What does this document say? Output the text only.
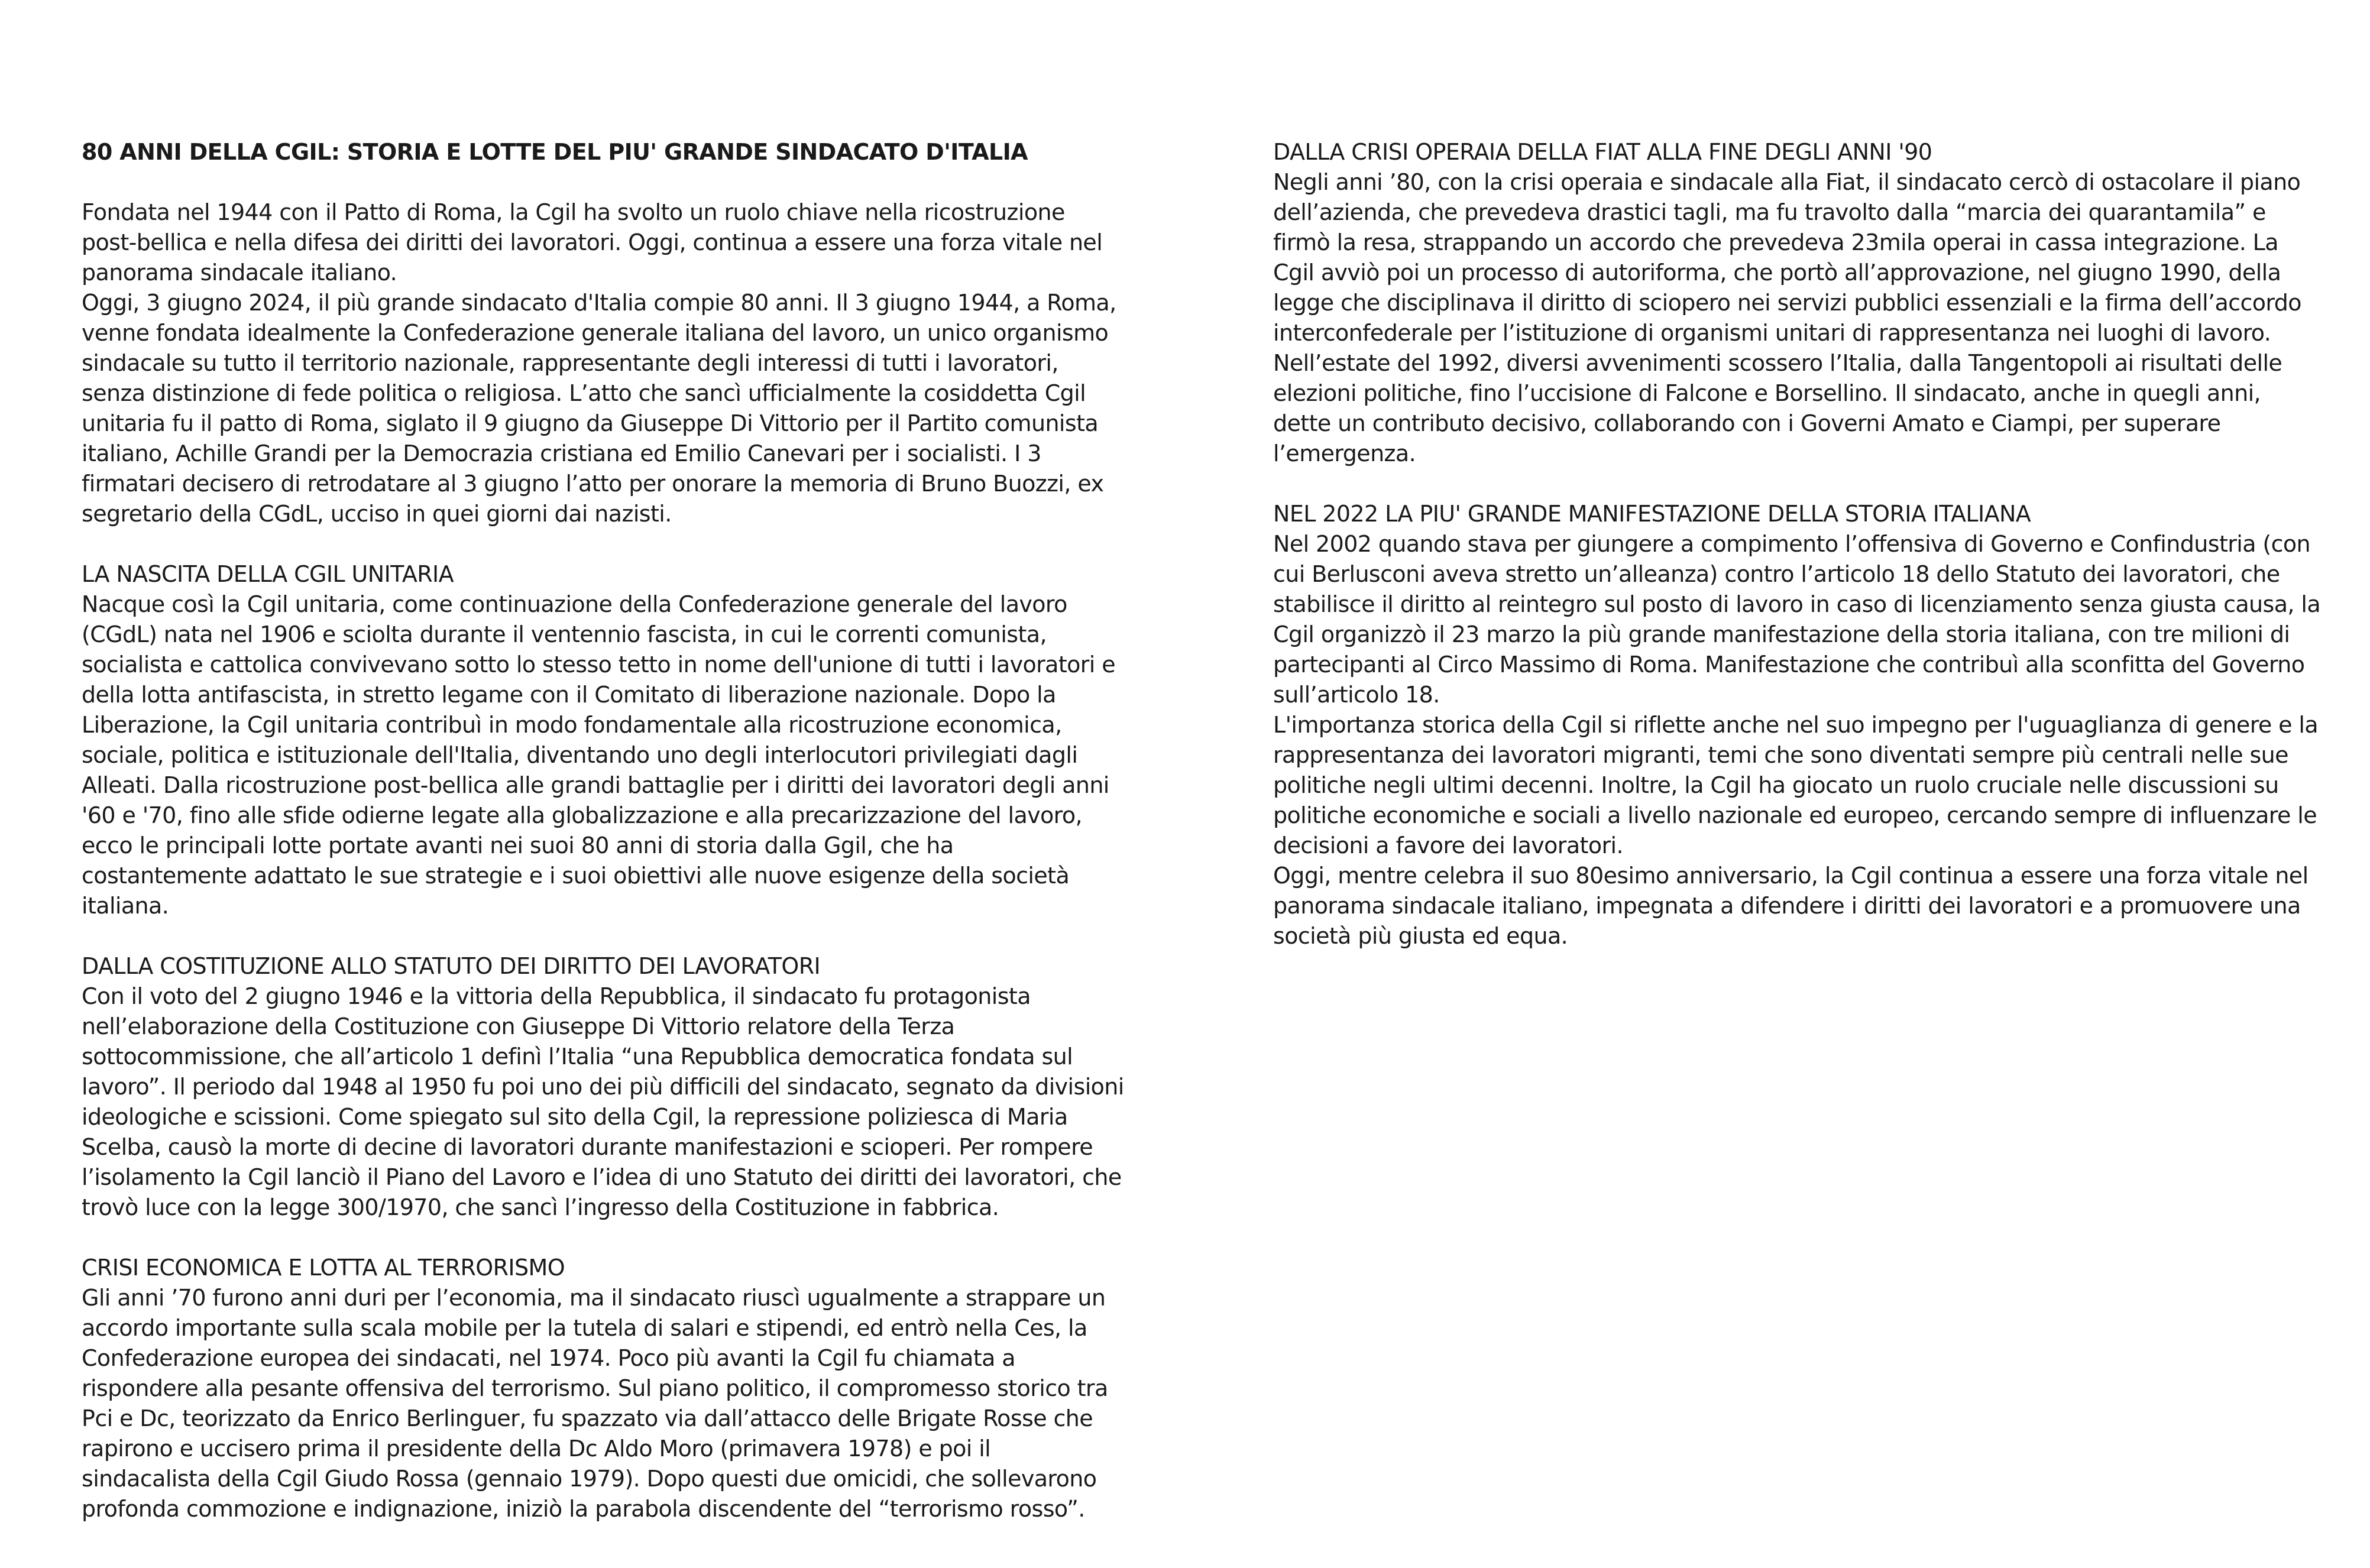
80 ANNI DELLA CGIL: STORIA E LOTTE DEL PIU' GRANDE SINDACATO D'ITALIA

Fondata nel 1944 con il Patto di Roma, la Cgil ha svolto un ruolo chiave nella ricostruzione post-bellica e nella difesa dei diritti dei lavoratori. Oggi, continua a essere una forza vitale nel panorama sindacale italiano.

Oggi, 3 giugno 2024, il più grande sindacato d'Italia compie 80 anni. Il 3 giugno 1944, a Roma, venne fondata idealmente la Confederazione generale italiana del lavoro, un unico organismo sindacale su tutto il territorio nazionale, rappresentante degli interessi di tutti i lavoratori, senza distinzione di fede politica o religiosa. L’atto che sancì ufficialmente la cosiddetta Cgil unitaria fu il patto di Roma, siglato il 9 giugno da Giuseppe Di Vittorio per il Partito comunista italiano, Achille Grandi per la Democrazia cristiana ed Emilio Canevari per i socialisti. I 3 firmatari decisero di retrodatare al 3 giugno l’atto per onorare la memoria di Bruno Buozzi, ex segretario della CGdL, ucciso in quei giorni dai nazisti.

LA NASCITA DELLA CGIL UNITARIA

Nacque così la Cgil unitaria, come continuazione della Confederazione generale del lavoro (CGdL) nata nel 1906 e sciolta durante il ventennio fascista, in cui le correnti comunista, socialista e cattolica convivevano sotto lo stesso tetto in nome dell'unione di tutti i lavoratori e della lotta antifascista, in stretto legame con il Comitato di liberazione nazionale. Dopo la Liberazione, la Cgil unitaria contribuì in modo fondamentale alla ricostruzione economica, sociale, politica e istituzionale dell'Italia, diventando uno degli interlocutori privilegiati dagli Alleati. Dalla ricostruzione post-bellica alle grandi battaglie per i diritti dei lavoratori degli anni '60 e '70, fino alle sfide odierne legate alla globalizzazione e alla precarizzazione del lavoro, ecco le principali lotte portate avanti nei suoi 80 anni di storia dalla Ggil, che ha costantemente adattato le sue strategie e i suoi obiettivi alle nuove esigenze della società italiana.

DALLA COSTITUZIONE ALLO STATUTO DEI DIRITTO DEI LAVORATORI

Con il voto del 2 giugno 1946 e la vittoria della Repubblica, il sindacato fu protagonista nell’elaborazione della Costituzione con Giuseppe Di Vittorio relatore della Terza sottocommissione, che all’articolo 1 definì l’Italia “una Repubblica democratica fondata sul lavoro”. Il periodo dal 1948 al 1950 fu poi uno dei più difficili del sindacato, segnato da divisioni ideologiche e scissioni. Come spiegato sul sito della Cgil, la repressione poliziesca di Maria Scelba, causò la morte di decine di lavoratori durante manifestazioni e scioperi. Per rompere l’isolamento la Cgil lanciò il Piano del Lavoro e l’idea di uno Statuto dei diritti dei lavoratori, che trovò luce con la legge 300/1970, che sancì l’ingresso della Costituzione in fabbrica.

CRISI ECONOMICA E LOTTA AL TERRORISMO

Gli anni ’70 furono anni duri per l’economia, ma il sindacato riuscì ugualmente a strappare un accordo importante sulla scala mobile per la tutela di salari e stipendi, ed entrò nella Ces, la Confederazione europea dei sindacati, nel 1974. Poco più avanti la Cgil fu chiamata a rispondere alla pesante offensiva del terrorismo. Sul piano politico, il compromesso storico tra Pci e Dc, teorizzato da Enrico Berlinguer, fu spazzato via dall’attacco delle Brigate Rosse che rapirono e uccisero prima il presidente della Dc Aldo Moro (primavera 1978) e poi il sindacalista della Cgil Giudo Rossa (gennaio 1979). Dopo questi due omicidi, che sollevarono profonda commozione e indignazione, iniziò la parabola discendente del “terrorismo rosso”.

DALLA CRISI OPERAIA DELLA FIAT ALLA FINE DEGLI ANNI '90

Negli anni ’80, con la crisi operaia e sindacale alla Fiat, il sindacato cercò di ostacolare il piano dell’azienda, che prevedeva drastici tagli, ma fu travolto dalla “marcia dei quarantamila” e firmò la resa, strappando un accordo che prevedeva 23mila operai in cassa integrazione. La Cgil avviò poi un processo di autoriforma, che portò all’approvazione, nel giugno 1990, della legge che disciplinava il diritto di sciopero nei servizi pubblici essenziali e la firma dell’accordo interconfederale per l’istituzione di organismi unitari di rappresentanza nei luoghi di lavoro. Nell’estate del 1992, diversi avvenimenti scossero l’Italia, dalla Tangentopoli ai risultati delle elezioni politiche, fino l’uccisione di Falcone e Borsellino. Il sindacato, anche in quegli anni, dette un contributo decisivo, collaborando con i Governi Amato e Ciampi, per superare l’emergenza.

NEL 2022 LA PIU' GRANDE MANIFESTAZIONE DELLA STORIA ITALIANA

Nel 2002 quando stava per giungere a compimento l’offensiva di Governo e Confindustria (con cui Berlusconi aveva stretto un’alleanza) contro l’articolo 18 dello Statuto dei lavoratori, che stabilisce il diritto al reintegro sul posto di lavoro in caso di licenziamento senza giusta causa, la Cgil organizzò il 23 marzo la più grande manifestazione della storia italiana, con tre milioni di partecipanti al Circo Massimo di Roma. Manifestazione che contribuì alla sconfitta del Governo sull’articolo 18.

L'importanza storica della Cgil si riflette anche nel suo impegno per l'uguaglianza di genere e la rappresentanza dei lavoratori migranti, temi che sono diventati sempre più centrali nelle sue politiche negli ultimi decenni. Inoltre, la Cgil ha giocato un ruolo cruciale nelle discussioni su politiche economiche e sociali a livello nazionale ed europeo, cercando sempre di influenzare le decisioni a favore dei lavoratori.

Oggi, mentre celebra il suo 80esimo anniversario, la Cgil continua a essere una forza vitale nel panorama sindacale italiano, impegnata a difendere i diritti dei lavoratori e a promuovere una società più giusta ed equa.
